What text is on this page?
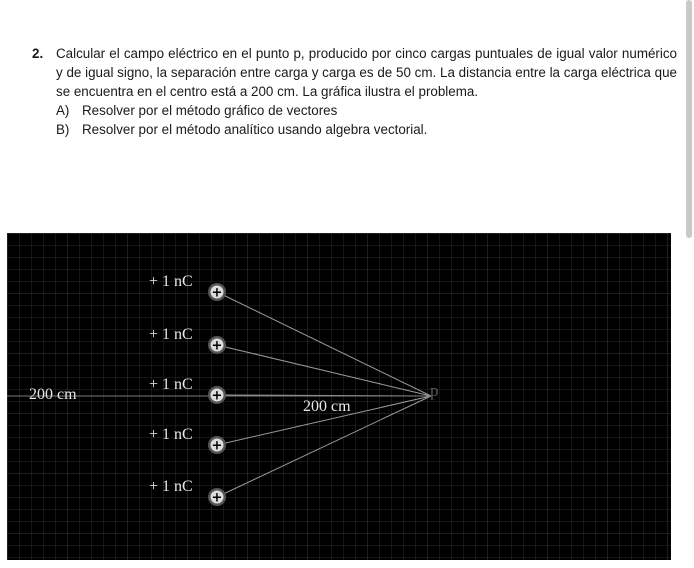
2. Calcular el campo eléctrico en el punto p, producido por cinco cargas puntuales de igual valor numérico y de igual signo, la separación entre carga y carga es de 50 cm. La distancia entre la carga eléctrica que se encuentra en el centro está a 200 cm. La gráfica ilustra el problema.
A) Resolver por el método gráfico de vectores
B) Resolver por el método analítico usando algebra vectorial.
+
+ 1 nC
+
+ 1 nC
+
+ 1 nC
+
+ 1 nC
+
+ 1 nC
200 cm
200 cm
p
